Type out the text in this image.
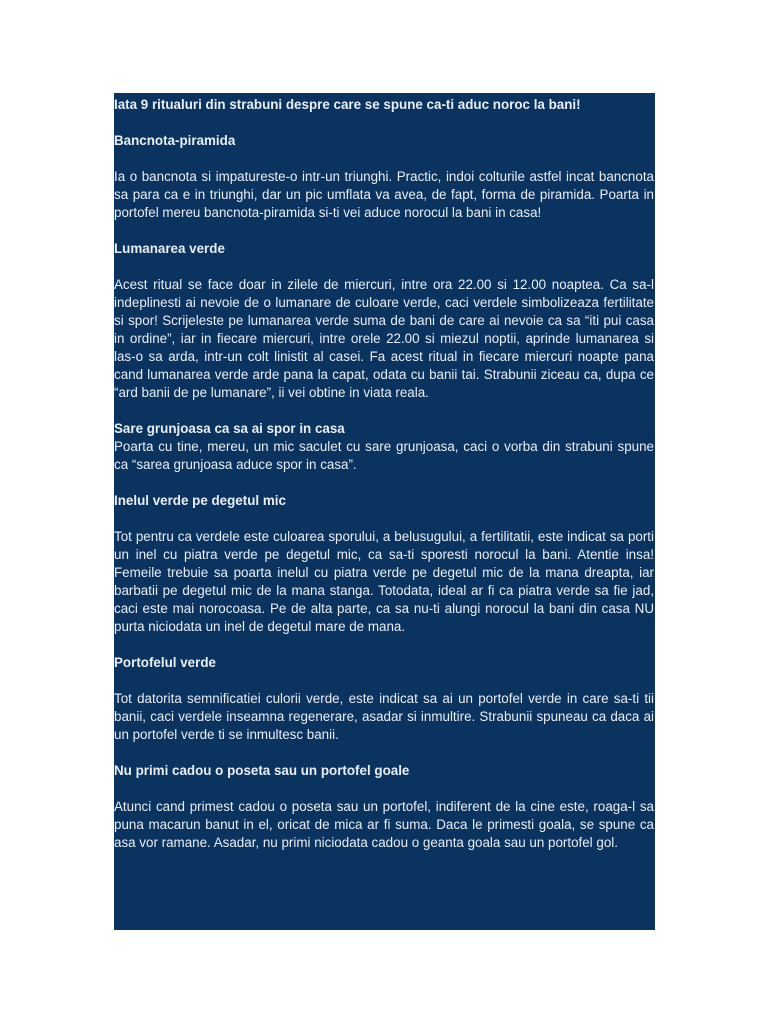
Iata 9 ritualuri din strabuni despre care se spune ca-ti aduc noroc la bani!

Bancnota-piramida

Ia o bancnota si impatureste-o intr-un triunghi. Practic, indoi colturile astfel incat bancnota sa para ca e in triunghi, dar un pic umflata va avea, de fapt, forma de piramida. Poarta in portofel mereu bancnota-piramida si-ti vei aduce norocul la bani in casa!

Lumanarea verde

Acest ritual se face doar in zilele de miercuri, intre ora 22.00 si 12.00 noaptea. Ca sa-l indeplinesti ai nevoie de o lumanare de culoare verde, caci verdele simbolizeaza fertilitate si spor! Scrijeleste pe lumanarea verde suma de bani de care ai nevoie ca sa “iti pui casa in ordine”, iar in fiecare miercuri, intre orele 22.00 si miezul noptii, aprinde lumanarea si las-o sa arda, intr-un colt linistit al casei. Fa acest ritual in fiecare miercuri noapte pana cand lumanarea verde arde pana la capat, odata cu banii tai. Strabunii ziceau ca, dupa ce “ard banii de pe lumanare”, ii vei obtine in viata reala.

Sare grunjoasa ca sa ai spor in casa

Poarta cu tine, mereu, un mic saculet cu sare grunjoasa, caci o vorba din strabuni spune ca “sarea grunjoasa aduce spor in casa”.

Inelul verde pe degetul mic

Tot pentru ca verdele este culoarea sporului, a belusugului, a fertilitatii, este indicat sa porti un inel cu piatra verde pe degetul mic, ca sa-ti sporesti norocul la bani. Atentie insa! Femeile trebuie sa poarta inelul cu piatra verde pe degetul mic de la mana dreapta, iar barbatii pe degetul mic de la mana stanga. Totodata, ideal ar fi ca piatra verde sa fie jad, caci este mai norocoasa. Pe de alta parte, ca sa nu-ti alungi norocul la bani din casa NU purta niciodata un inel de degetul mare de mana.

Portofelul verde

Tot datorita semnificatiei culorii verde, este indicat sa ai un portofel verde in care sa-ti tii banii, caci verdele inseamna regenerare, asadar si inmultire. Strabunii spuneau ca daca ai un portofel verde ti se inmultesc banii.

Nu primi cadou o poseta sau un portofel goale

Atunci cand primest cadou o poseta sau un portofel, indiferent de la cine este, roaga-l sa puna macarun banut in el, oricat de mica ar fi suma. Daca le primesti goala, se spune ca asa vor ramane. Asadar, nu primi niciodata cadou o geanta goala sau un portofel gol.
